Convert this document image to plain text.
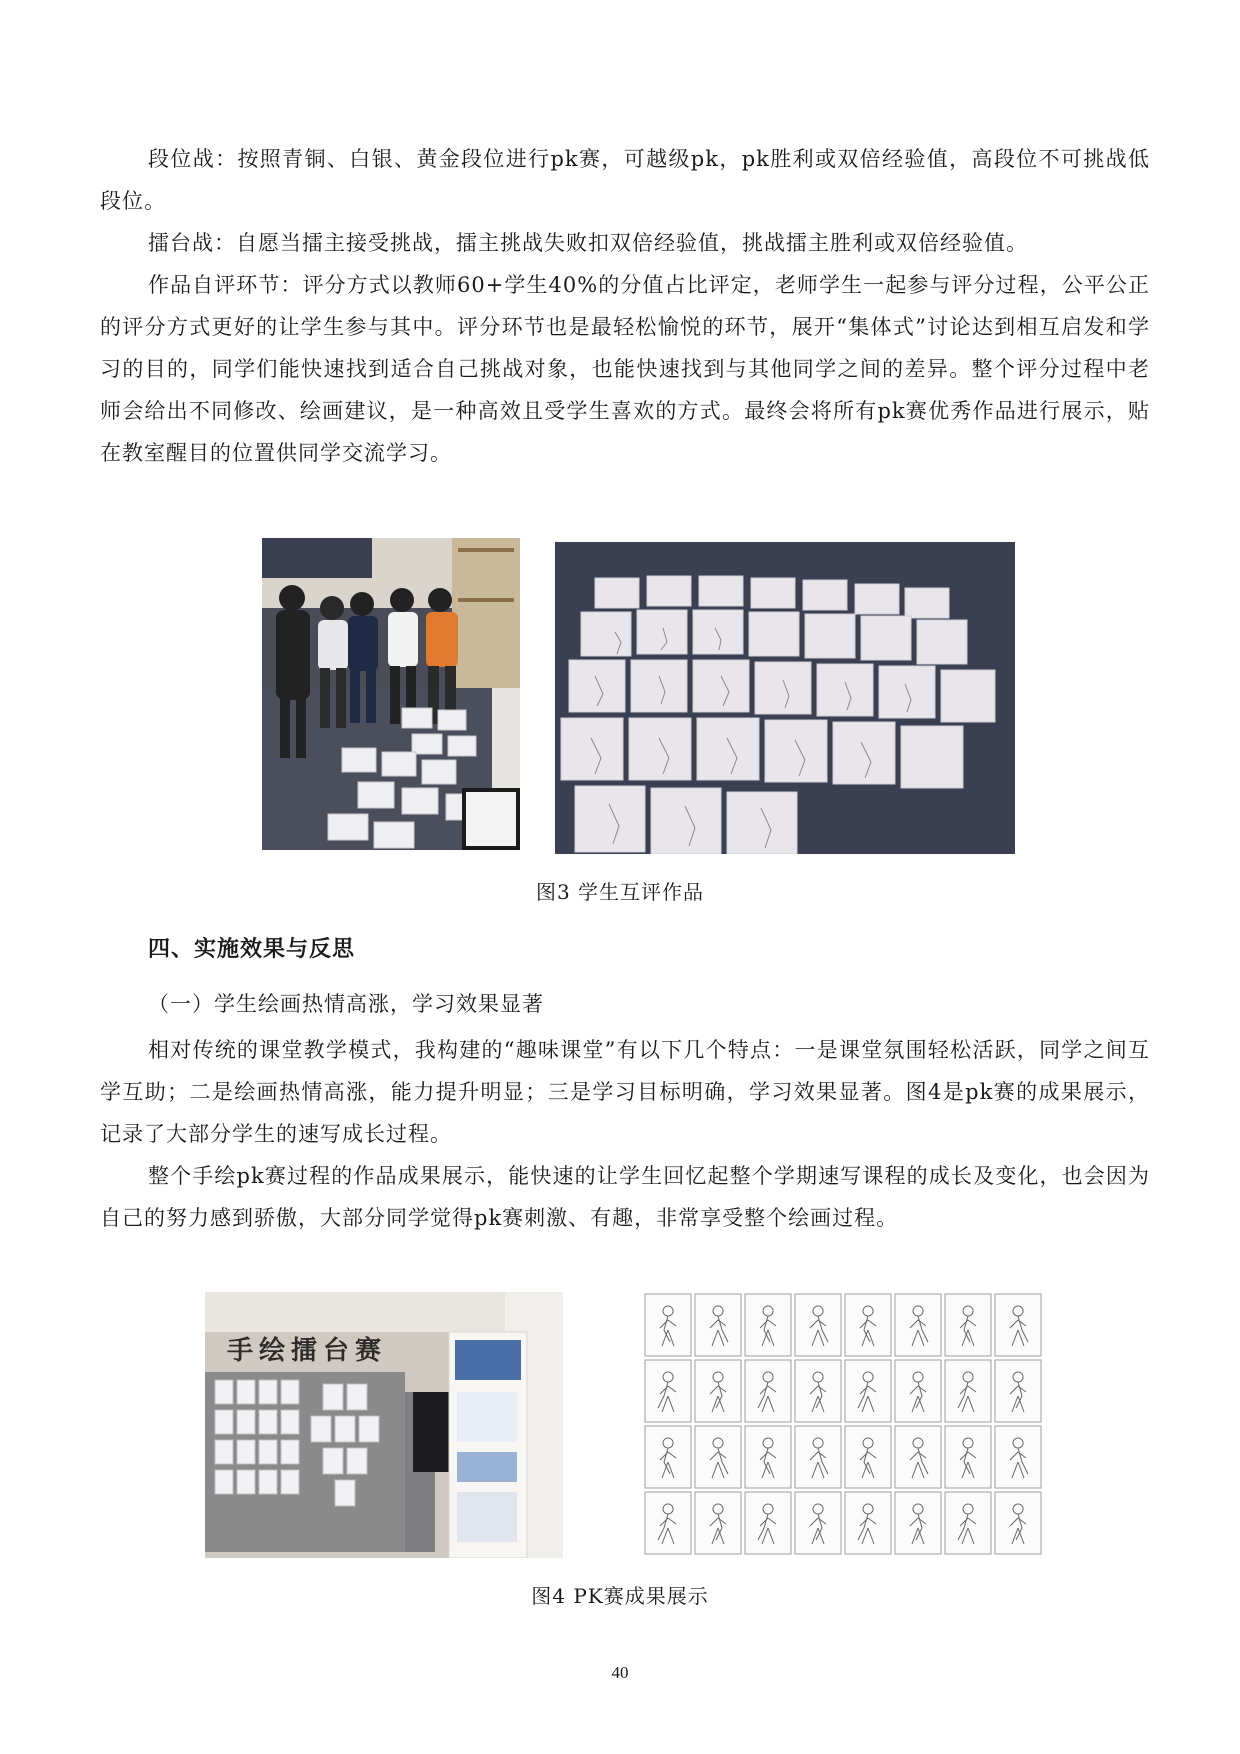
段位战：按照青铜、白银、黄金段位进行pk赛，可越级pk，pk胜利或双倍经验值，高段位不可挑战低段位。

擂台战：自愿当擂主接受挑战，擂主挑战失败扣双倍经验值，挑战擂主胜利或双倍经验值。

作品自评环节：评分方式以教师60+学生40%的分值占比评定，老师学生一起参与评分过程，公平公正的评分方式更好的让学生参与其中。评分环节也是最轻松愉悦的环节，展开“集体式”讨论达到相互启发和学习的目的，同学们能快速找到适合自己挑战对象，也能快速找到与其他同学之间的差异。整个评分过程中老师会给出不同修改、绘画建议，是一种高效且受学生喜欢的方式。最终会将所有pk赛优秀作品进行展示，贴在教室醒目的位置供同学交流学习。

图3 学生互评作品

四、实施效果与反思

（一）学生绘画热情高涨，学习效果显著

相对传统的课堂教学模式，我构建的“趣味课堂”有以下几个特点：一是课堂氛围轻松活跃，同学之间互学互助；二是绘画热情高涨，能力提升明显；三是学习目标明确，学习效果显著。图4是pk赛的成果展示，记录了大部分学生的速写成长过程。

整个手绘pk赛过程的作品成果展示，能快速的让学生回忆起整个学期速写课程的成长及变化，也会因为自己的努力感到骄傲，大部分同学觉得pk赛刺激、有趣，非常享受整个绘画过程。

手绘擂台赛

图4 PK赛成果展示

40
